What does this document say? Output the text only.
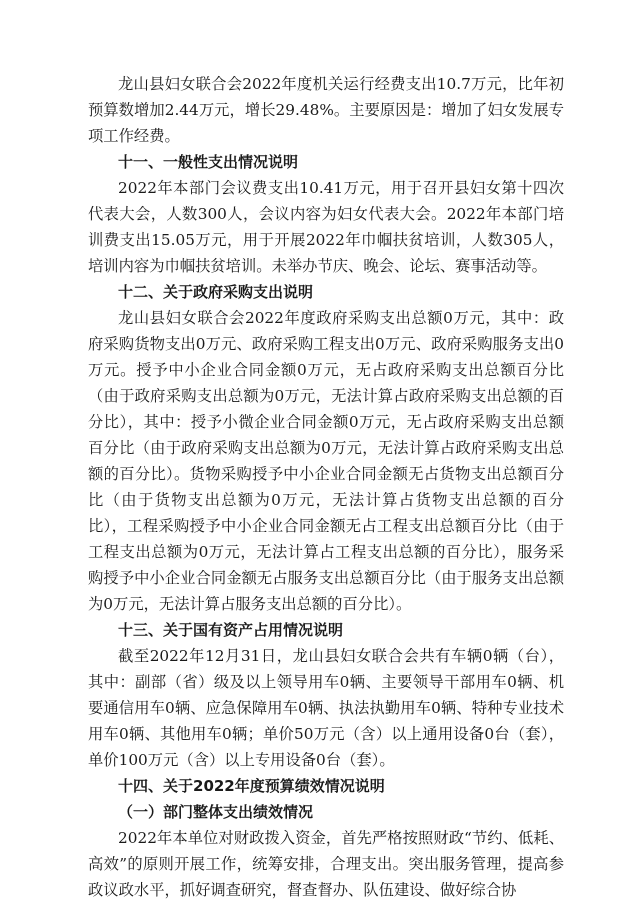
龙山县妇女联合会2022年度机关运行经费支出10.7万元，比年初预算数增加2.44万元，增长29.48%。主要原因是：增加了妇女发展专项工作经费。

十一、一般性支出情况说明

2022年本部门会议费支出10.41万元，用于召开县妇女第十四次代表大会，人数300人，会议内容为妇女代表大会。2022年本部门培训费支出15.05万元，用于开展2022年巾帼扶贫培训，人数305人，培训内容为巾帼扶贫培训。未举办节庆、晚会、论坛、赛事活动等。

十二、关于政府采购支出说明

龙山县妇女联合会2022年度政府采购支出总额0万元，其中：政府采购货物支出0万元、政府采购工程支出0万元、政府采购服务支出0万元。授予中小企业合同金额0万元，无占政府采购支出总额百分比（由于政府采购支出总额为0万元，无法计算占政府采购支出总额的百分比），其中：授予小微企业合同金额0万元，无占政府采购支出总额百分比（由于政府采购支出总额为0万元，无法计算占政府采购支出总额的百分比）。货物采购授予中小企业合同金额无占货物支出总额百分比（由于货物支出总额为0万元，无法计算占货物支出总额的百分比），工程采购授予中小企业合同金额无占工程支出总额百分比（由于工程支出总额为0万元，无法计算占工程支出总额的百分比），服务采购授予中小企业合同金额无占服务支出总额百分比（由于服务支出总额为0万元，无法计算占服务支出总额的百分比）。

十三、关于国有资产占用情况说明

截至2022年12月31日，龙山县妇女联合会共有车辆0辆（台），其中：副部（省）级及以上领导用车0辆、主要领导干部用车0辆、机要通信用车0辆、应急保障用车0辆、执法执勤用车0辆、特种专业技术用车0辆、其他用车0辆；单价50万元（含）以上通用设备0台（套），单价100万元（含）以上专用设备0台（套）。

十四、关于2022年度预算绩效情况说明

（一）部门整体支出绩效情况

2022年本单位对财政拨入资金，首先严格按照财政“节约、低耗、高效”的原则开展工作，统筹安排，合理支出。突出服务管理，提高参政议政水平，抓好调查研究，督查督办、队伍建设、做好综合协
